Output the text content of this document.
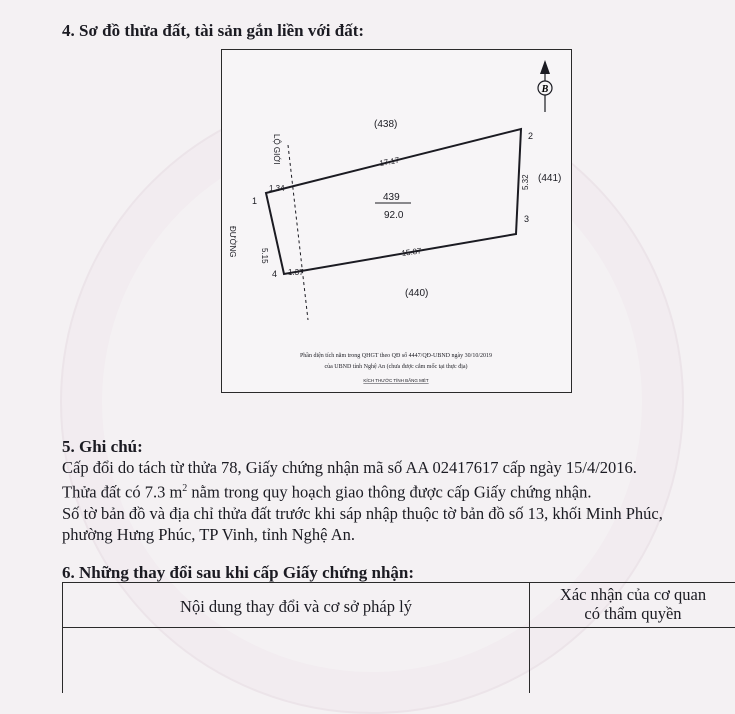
4. Sơ đồ thửa đất, tài sản gắn liền với đất:
B
(438)
(441)
(440)
439
92.0
17.17
15.87
5.32
5.15
1.34
1.37
1
2
3
4
ĐƯỜNG
LỘ GIỚI
Phần diện tích nằm trong QHGT theo QĐ số 4447/QĐ-UBND ngày 30/10/2019
của UBND tỉnh Nghệ An (chưa được cắm mốc tại thực địa)
KÍCH THƯỚC TÍNH BẰNG MÉT
5. Ghi chú:
Cấp đổi do tách từ thửa 78, Giấy chứng nhận mã số AA 02417617 cấp ngày 15/4/2016.
Thửa đất có 7.3 $m^2$ nằm trong quy hoạch giao thông được cấp Giấy chứng nhận.
Số tờ bản đồ và địa chỉ thửa đất trước khi sáp nhập thuộc tờ bản đồ số 13, khối Minh Phúc,
phường Hưng Phúc, TP Vinh, tỉnh Nghệ An.
6. Những thay đổi sau khi cấp Giấy chứng nhận:
Nội dung thay đổi và cơ sở pháp lý
Xác nhận của cơ quan
có thẩm quyền
